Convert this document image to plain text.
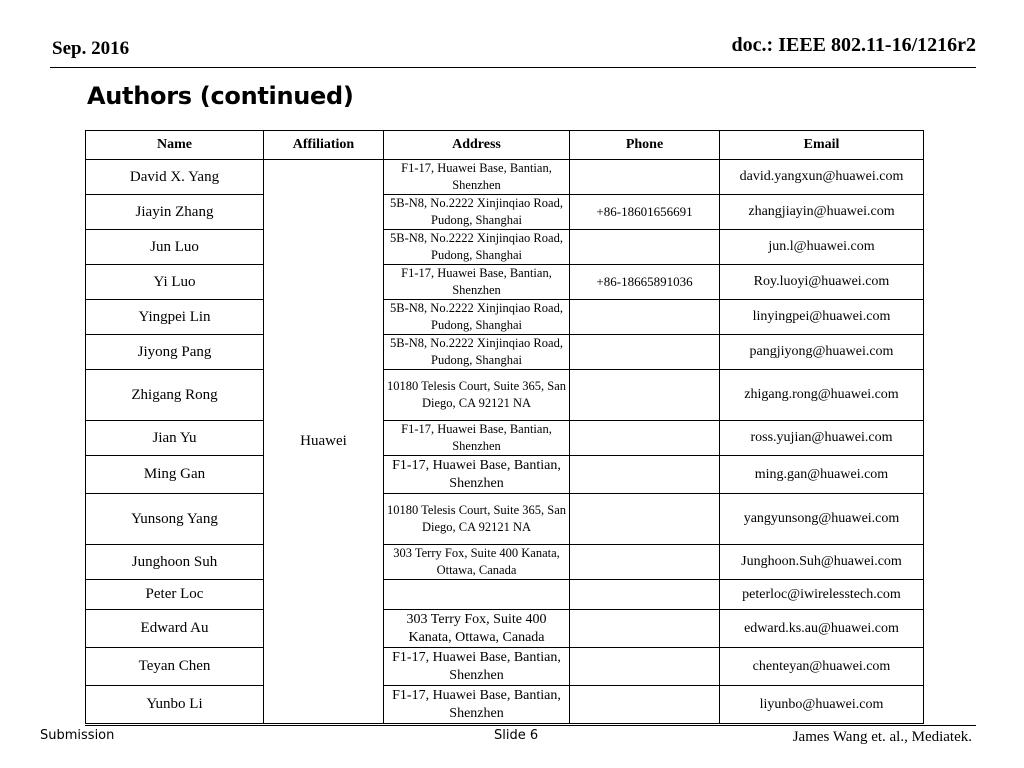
Sep. 2016	doc.: IEEE 802.11-16/1216r2
Authors (continued)
Name	Affiliation	Address	Phone	Email
David X. Yang	Huawei	F1-17, Huawei Base, Bantian, Shenzhen		david.yangxun@huawei.com
Jiayin Zhang		5B-N8, No.2222 Xinjinqiao Road, Pudong, Shanghai	+86-18601656691	zhangjiayin@huawei.com
Jun Luo		5B-N8, No.2222 Xinjinqiao Road, Pudong, Shanghai		jun.l@huawei.com
Yi Luo		F1-17, Huawei Base, Bantian, Shenzhen	+86-18665891036	Roy.luoyi@huawei.com
Yingpei Lin		5B-N8, No.2222 Xinjinqiao Road, Pudong, Shanghai		linyingpei@huawei.com
Jiyong Pang		5B-N8, No.2222 Xinjinqiao Road, Pudong, Shanghai		pangjiyong@huawei.com
Zhigang Rong		10180 Telesis Court, Suite 365, San Diego, CA 92121 NA		zhigang.rong@huawei.com
Jian Yu		F1-17, Huawei Base, Bantian, Shenzhen		ross.yujian@huawei.com
Ming Gan		F1-17, Huawei Base, Bantian, Shenzhen		ming.gan@huawei.com
Yunsong Yang		10180 Telesis Court, Suite 365, San Diego, CA 92121 NA		yangyunsong@huawei.com
Junghoon Suh		303 Terry Fox, Suite 400 Kanata, Ottawa, Canada		Junghoon.Suh@huawei.com
Peter Loc				peterloc@iwirelesstech.com
Edward Au		303 Terry Fox, Suite 400 Kanata, Ottawa, Canada		edward.ks.au@huawei.com
Teyan Chen		F1-17, Huawei Base, Bantian, Shenzhen		chenteyan@huawei.com
Yunbo Li		F1-17, Huawei Base, Bantian, Shenzhen		liyunbo@huawei.com
Submission	Slide 6	James Wang et. al., Mediatek.
